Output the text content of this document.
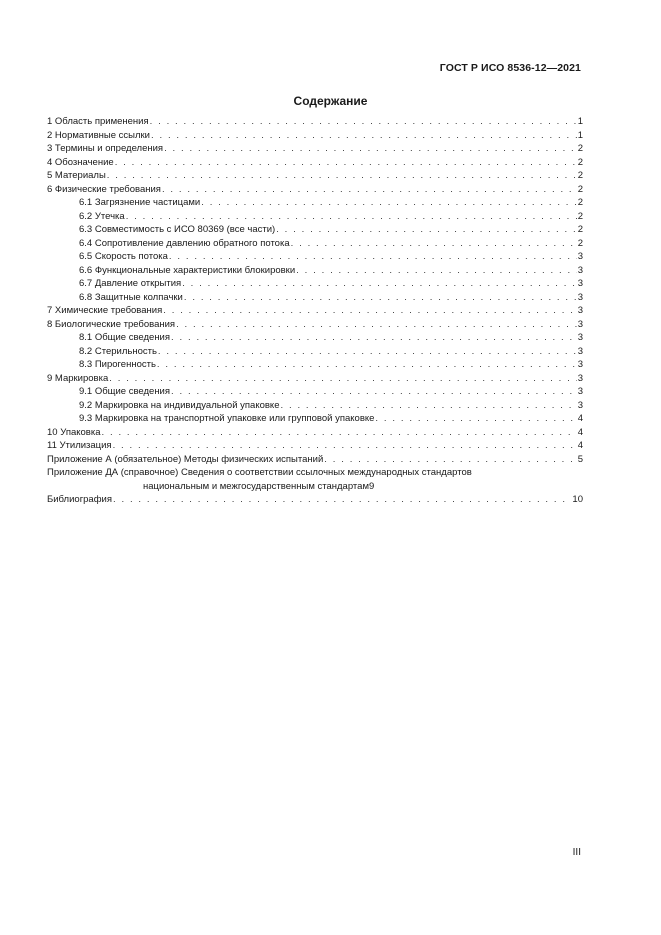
ГОСТ Р ИСО 8536-12—2021
Содержание
1 Область применения . . .	1
2 Нормативные ссылки . . .	1
3 Термины и определения . . .	2
4 Обозначение . . .	2
5 Материалы . . .	2
6 Физические требования . . .	2
6.1 Загрязнение частицами . . .	2
6.2 Утечка . . .	2
6.3 Совместимость с ИСО 80369 (все части) . . .	2
6.4 Сопротивление давлению обратного потока . . .	2
6.5 Скорость потока . . .	3
6.6 Функциональные характеристики блокировки . . .	3
6.7 Давление открытия . . .	3
6.8 Защитные колпачки . . .	3
7 Химические требования . . .	3
8 Биологические требования . . .	3
8.1 Общие сведения . . .	3
8.2 Стерильность . . .	3
8.3 Пирогенность . . .	3
9 Маркировка . . .	3
9.1 Общие сведения . . .	3
9.2 Маркировка на индивидуальной упаковке . . .	3
9.3 Маркировка на транспортной упаковке или групповой упаковке . . .	4
10 Упаковка . . .	4
11 Утилизация . . .	4
Приложение А (обязательное) Методы физических испытаний . . .	5
Приложение ДА (справочное) Сведения о соответствии ссылочных международных стандартов
национальным и межгосударственным стандартам 9
Библиография . . .	10
III
